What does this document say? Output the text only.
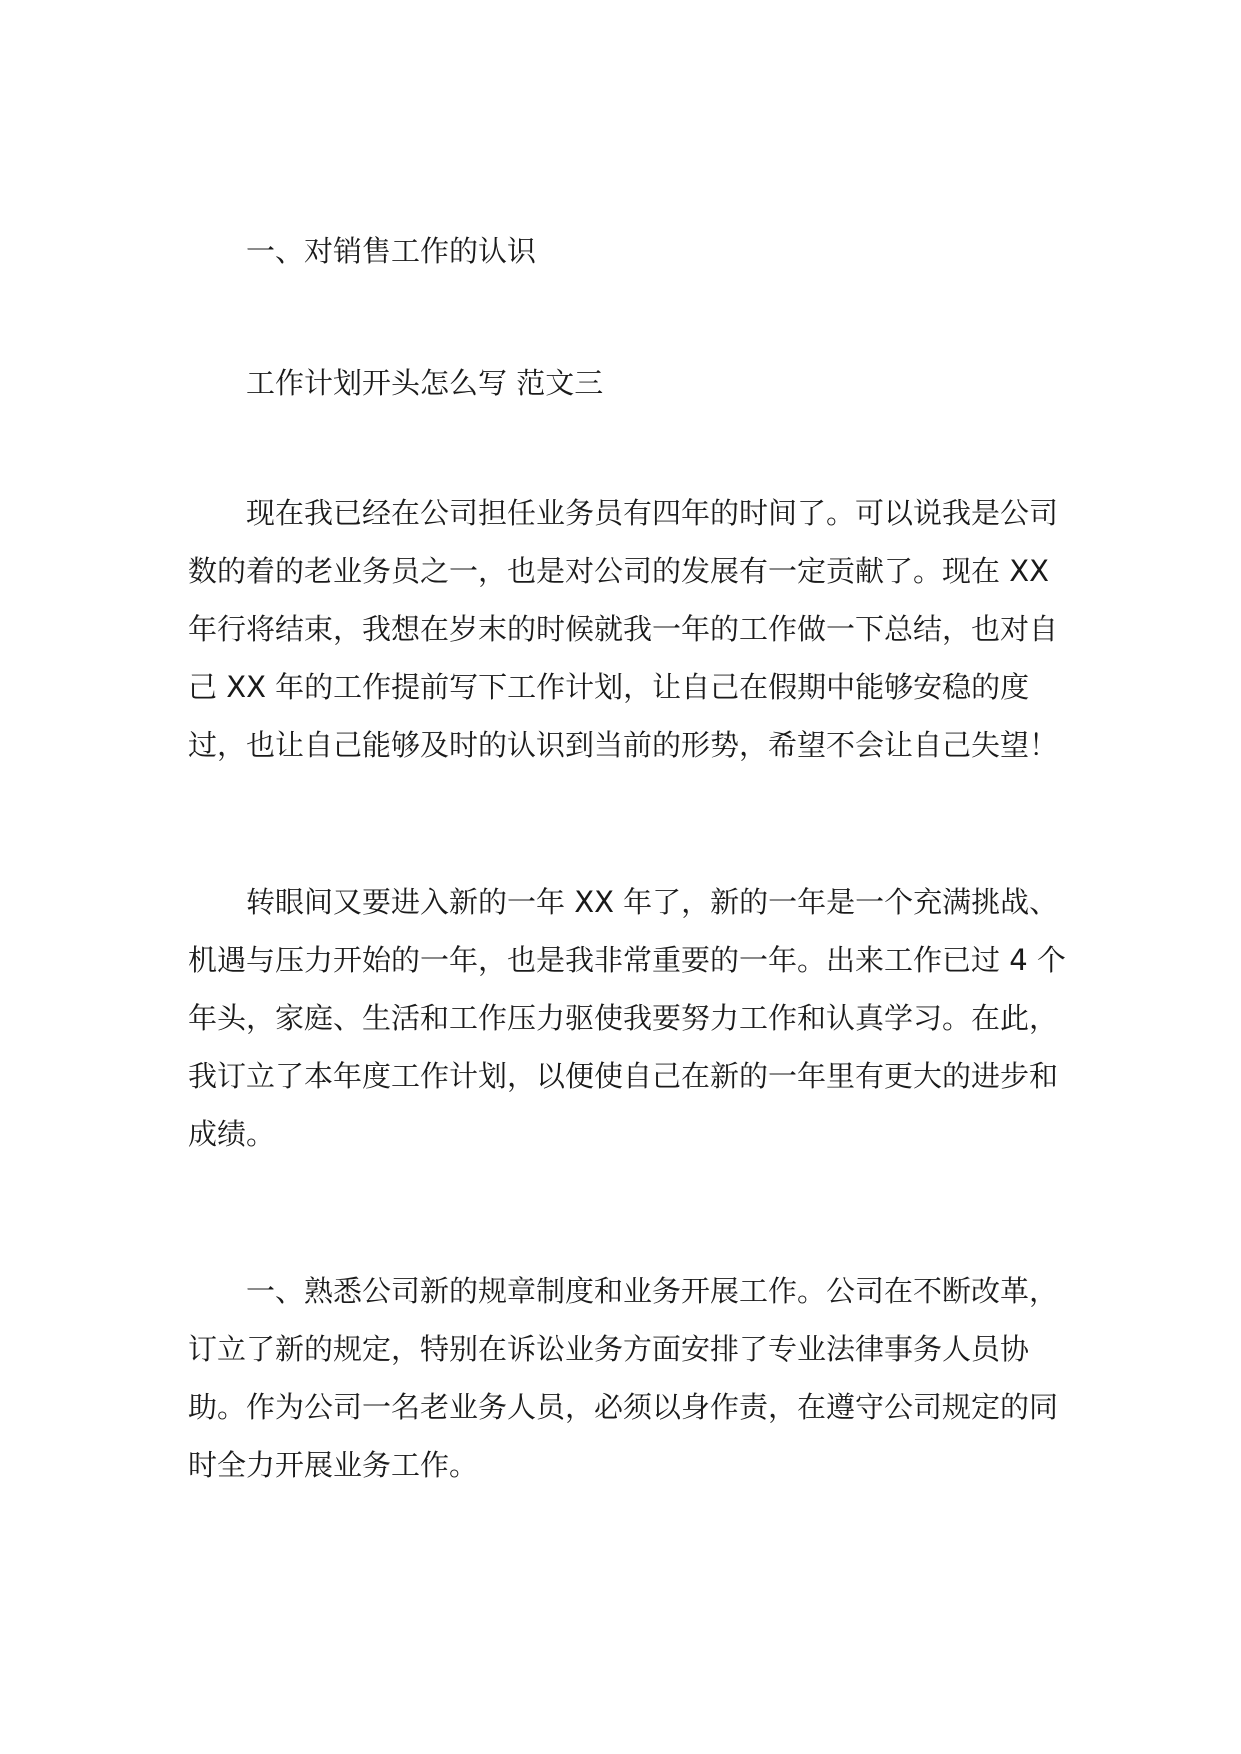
一、对销售工作的认识

工作计划开头怎么写 范文三

现在我已经在公司担任业务员有四年的时间了。可以说我是公司数的着的老业务员之一，也是对公司的发展有一定贡献了。现在 XX 年行将结束，我想在岁末的时候就我一年的工作做一下总结，也对自己 XX 年的工作提前写下工作计划，让自己在假期中能够安稳的度过，也让自己能够及时的认识到当前的形势，希望不会让自己失望！

转眼间又要进入新的一年 XX 年了，新的一年是一个充满挑战、机遇与压力开始的一年，也是我非常重要的一年。出来工作已过 4 个年头，家庭、生活和工作压力驱使我要努力工作和认真学习。在此，我订立了本年度工作计划，以便使自己在新的一年里有更大的进步和成绩。

一、熟悉公司新的规章制度和业务开展工作。公司在不断改革，订立了新的规定，特别在诉讼业务方面安排了专业法律事务人员协助。作为公司一名老业务人员，必须以身作责，在遵守公司规定的同时全力开展业务工作。
